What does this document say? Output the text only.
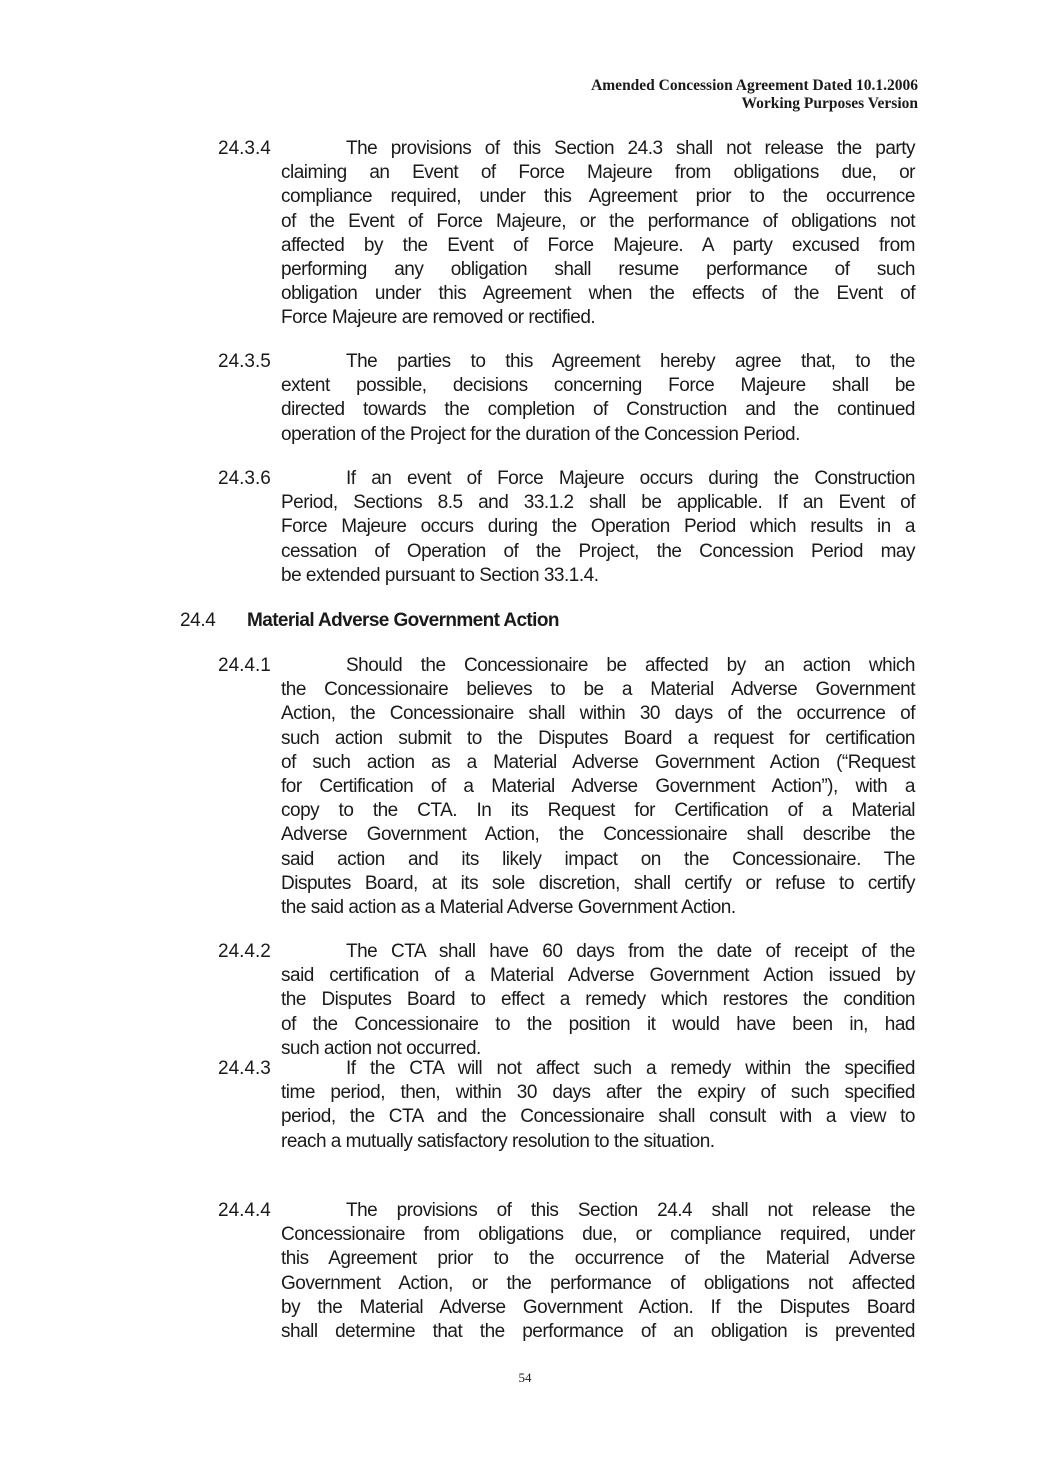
Amended Concession Agreement Dated 10.1.2006
Working Purposes Version
24.3.4	The provisions of this Section 24.3 shall not release the party
claiming an Event of Force Majeure from obligations due, or
compliance required, under this Agreement prior to the occurrence
of the Event of Force Majeure, or the performance of obligations not
affected by the Event of Force Majeure. A party excused from
performing any obligation shall resume performance of such
obligation under this Agreement when the effects of the Event of
Force Majeure are removed or rectified.
24.3.5	The parties to this Agreement hereby agree that, to the
extent possible, decisions concerning Force Majeure shall be
directed towards the completion of Construction and the continued
operation of the Project for the duration of the Concession Period.
24.3.6	If an event of Force Majeure occurs during the Construction
Period, Sections 8.5 and 33.1.2 shall be applicable. If an Event of
Force Majeure occurs during the Operation Period which results in a
cessation of Operation of the Project, the Concession Period may
be extended pursuant to Section 33.1.4.
24.4 Material Adverse Government Action
24.4.1	Should the Concessionaire be affected by an action which
the Concessionaire believes to be a Material Adverse Government
Action, the Concessionaire shall within 30 days of the occurrence of
such action submit to the Disputes Board a request for certification
of such action as a Material Adverse Government Action (“Request
for Certification of a Material Adverse Government Action”), with a
copy to the CTA. In its Request for Certification of a Material
Adverse Government Action, the Concessionaire shall describe the
said action and its likely impact on the Concessionaire. The
Disputes Board, at its sole discretion, shall certify or refuse to certify
the said action as a Material Adverse Government Action.
24.4.2	The CTA shall have 60 days from the date of receipt of the
said certification of a Material Adverse Government Action issued by
the Disputes Board to effect a remedy which restores the condition
of the Concessionaire to the position it would have been in, had
such action not occurred.
24.4.3	If the CTA will not affect such a remedy within the specified
time period, then, within 30 days after the expiry of such specified
period, the CTA and the Concessionaire shall consult with a view to
reach a mutually satisfactory resolution to the situation.
24.4.4	The provisions of this Section 24.4 shall not release the
Concessionaire from obligations due, or compliance required, under
this Agreement prior to the occurrence of the Material Adverse
Government Action, or the performance of obligations not affected
by the Material Adverse Government Action. If the Disputes Board
shall determine that the performance of an obligation is prevented
54
